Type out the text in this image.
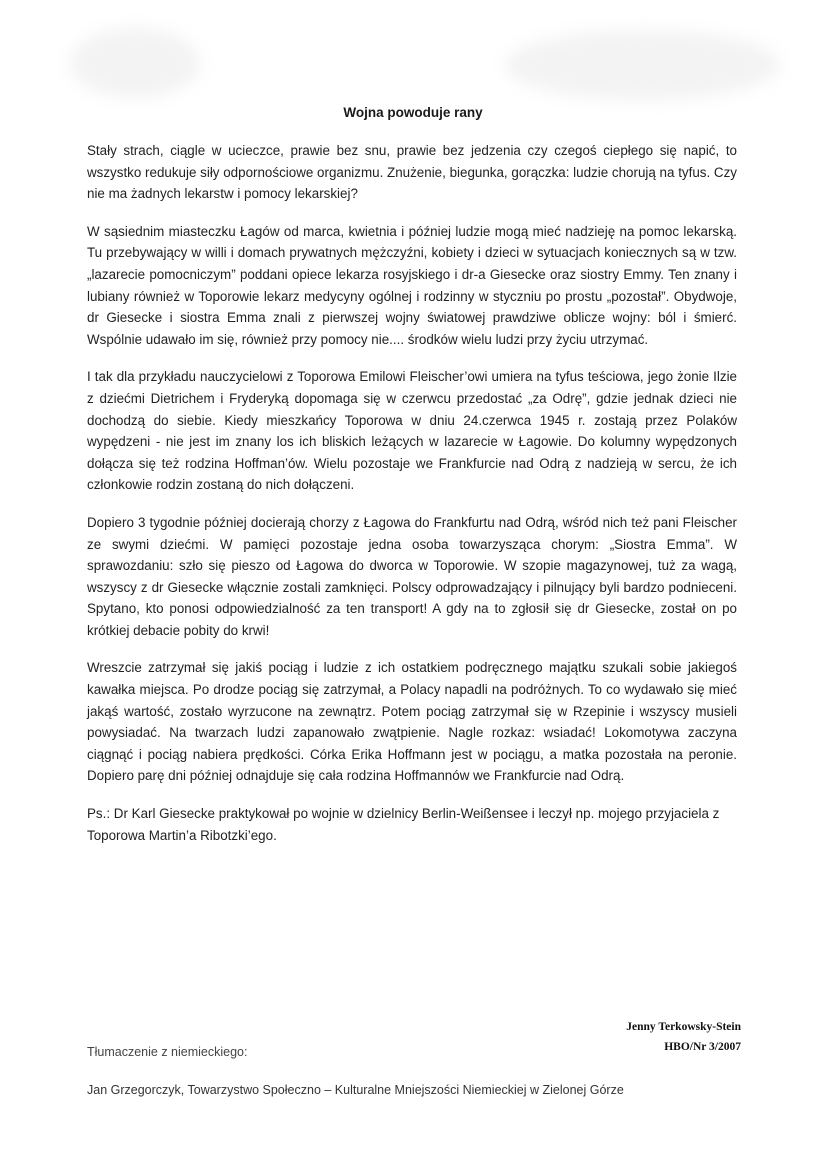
Wojna powoduje rany

Stały strach, ciągle w ucieczce, prawie bez snu, prawie bez jedzenia czy czegoś ciepłego się napić, to wszystko redukuje siły odpornościowe organizmu. Znużenie, biegunka, gorączka: ludzie chorują na tyfus. Czy nie ma żadnych lekarstw i pomocy lekarskiej?

W sąsiednim miasteczku Łagów od marca, kwietnia i później ludzie mogą mieć nadzieję na pomoc lekarską. Tu przebywający w willi i domach prywatnych mężczyźni, kobiety i dzieci w sytuacjach koniecznych są w tzw. „lazarecie pomocniczym” poddani opiece lekarza rosyjskiego i dr-a Giesecke oraz siostry Emmy. Ten znany i lubiany również w Toporowie lekarz medycyny ogólnej i rodzinny w styczniu po prostu „pozostał”. Obydwoje, dr Giesecke i siostra Emma znali z pierwszej wojny światowej prawdziwe oblicze wojny: ból i śmierć. Wspólnie udawało im się, również przy pomocy nie.... środków wielu ludzi przy życiu utrzymać.

I tak dla przykładu nauczycielowi z Toporowa Emilowi Fleischer’owi umiera na tyfus teściowa, jego żonie Ilzie z dziećmi Dietrichem i Fryderyką dopomaga się w czerwcu przedostać „za Odrę”, gdzie jednak dzieci nie dochodzą do siebie. Kiedy mieszkańcy Toporowa w dniu 24.czerwca 1945 r. zostają przez Polaków wypędzeni - nie jest im znany los ich bliskich leżących w lazarecie w Łagowie. Do kolumny wypędzonych dołącza się też rodzina Hoffman’ów. Wielu pozostaje we Frankfurcie nad Odrą z nadzieją w sercu, że ich członkowie rodzin zostaną do nich dołączeni.

Dopiero 3 tygodnie później docierają chorzy z Łagowa do Frankfurtu nad Odrą, wśród nich też pani Fleischer ze swymi dziećmi. W pamięci pozostaje jedna osoba towarzysząca chorym: „Siostra Emma”. W sprawozdaniu: szło się pieszo od Łagowa do dworca w Toporowie. W szopie magazynowej, tuż za wagą, wszyscy z dr Giesecke włącznie zostali zamknięci. Polscy odprowadzający i pilnujący byli bardzo podnieceni. Spytano, kto ponosi odpowiedzialność za ten transport! A gdy na to zgłosił się dr Giesecke, został on po krótkiej debacie pobity do krwi!

Wreszcie zatrzymał się jakiś pociąg i ludzie z ich ostatkiem podręcznego majątku szukali sobie jakiegoś kawałka miejsca. Po drodze pociąg się zatrzymał, a Polacy napadli na podróżnych. To co wydawało się mieć jakąś wartość, zostało wyrzucone na zewnątrz. Potem pociąg zatrzymał się w Rzepinie i wszyscy musieli powysiadać. Na twarzach ludzi zapanowało zwątpienie. Nagle rozkaz: wsiadać! Lokomotywa zaczyna ciągnąć i pociąg nabiera prędkości. Córka Erika Hoffmann jest w pociągu, a matka pozostała na peronie. Dopiero parę dni później odnajduje się cała rodzina Hoffmannów we Frankfurcie nad Odrą.

Ps.: Dr Karl Giesecke praktykował po wojnie w dzielnicy Berlin-Weißensee i leczył np. mojego przyjaciela z Toporowa Martin’a Ribotzki’ego.

Jenny Terkowsky-Stein
HBO/Nr 3/2007
Tłumaczenie z niemieckiego:
Jan Grzegorczyk, Towarzystwo Społeczno – Kulturalne Mniejszości Niemieckiej w Zielonej Górze
